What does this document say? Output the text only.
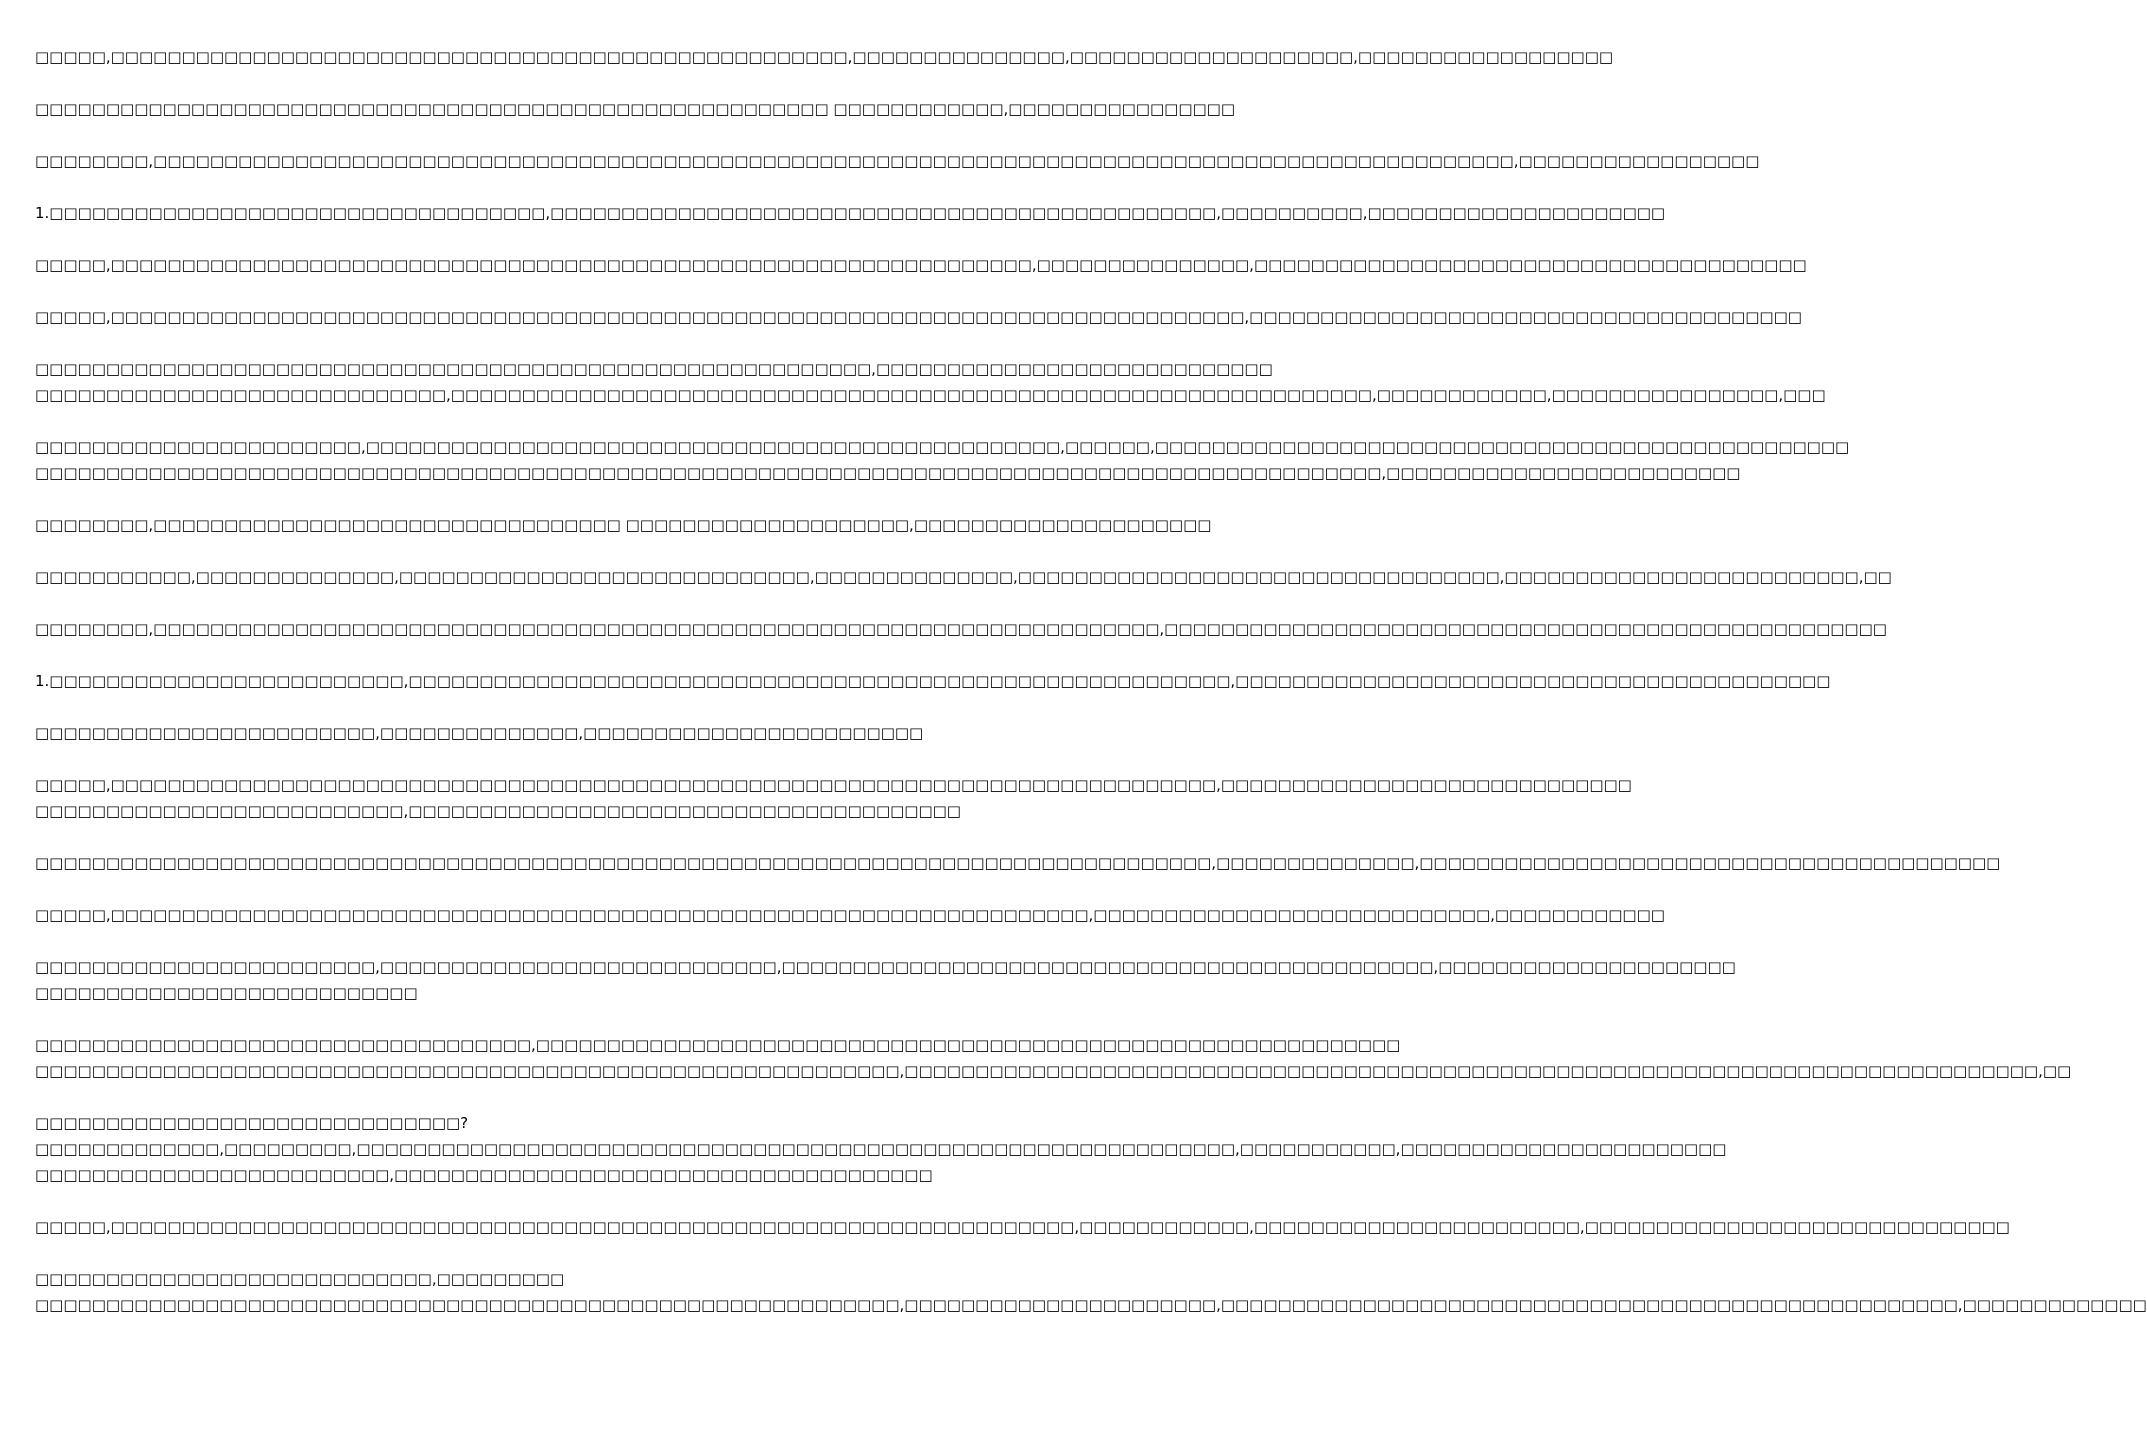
□□□□□,□□□□□□□□□□□□□□□□□□□□□□□□□□□□□□□□□□□□□□□□□□□□□□□□□□□□,□□□□□□□□□□□□□□□,□□□□□□□□□□□□□□□□□□□□,□□□□□□□□□□□□□□□□□□
□□□□□□□□□□□□□□□□□□□□□□□□□□□□□□□□□□□□□□□□□□□□□□□□□□□□□□□□ □□□□□□□□□□□□,□□□□□□□□□□□□□□□□
□□□□□□□□,□□□□□□□□□□□□□□□□□□□□□□□□□□□□□□□□□□□□□□□□□□□□□□□□□□□□□□□□□□□□□□□□□□□□□□□□□□□□□□□□□□□□□□□□□□□□□□□□,□□□□□□□□□□□□□□□□□
1.□□□□□□□□□□□□□□□□□□□□□□□□□□□□□□□□□□□,□□□□□□□□□□□□□□□□□□□□□□□□□□□□□□□□□□□□□□□□□□□□□□□,□□□□□□□□□□,□□□□□□□□□□□□□□□□□□□□□
□□□□□,□□□□□□□□□□□□□□□□□□□□□□□□□□□□□□□□□□□□□□□□□□□□□□□□□□□□□□□□□□□□□□□□□,□□□□□□□□□□□□□□□,□□□□□□□□□□□□□□□□□□□□□□□□□□□□□□□□□□□□□□□
□□□□□,□□□□□□□□□□□□□□□□□□□□□□□□□□□□□□□□□□□□□□□□□□□□□□□□□□□□□□□□□□□□□□□□□□□□□□□□□□□□□□□□,□□□□□□□□□□□□□□□□□□□□□□□□□□□□□□□□□□□□□□□
□□□□□□□□□□□□□□□□□□□□□□□□□□□□□□□□□□□□□□□□□□□□□□□□□□□□□□□□□□□,□□□□□□□□□□□□□□□□□□□□□□□□□□□□
□□□□□□□□□□□□□□□□□□□□□□□□□□□□□,□□□□□□□□□□□□□□□□□□□□□□□□□□□□□□□□□□□□□□□□□□□□□□□□□□□□□□□□□□□□□□□□□,□□□□□□□□□□□□,□□□□□□□□□□□□□□□□,□□□
□□□□□□□□□□□□□□□□□□□□□□□,□□□□□□□□□□□□□□□□□□□□□□□□□□□□□□□□□□□□□□□□□□□□□□□□□,□□□□□□,□□□□□□□□□□□□□□□□□□□□□□□□□□□□□□□□□□□□□□□□□□□□□□□□□
□□□□□□□□□□□□□□□□□□□□□□□□□□□□□□□□□□□□□□□□□□□□□□□□□□□□□□□□□□□□□□□□□□□□□□□□□□□□□□□□□□□□□□□□□□□□□□□,□□□□□□□□□□□□□□□□□□□□□□□□□
□□□□□□□□,□□□□□□□□□□□□□□□□□□□□□□□□□□□□□□□□□ □□□□□□□□□□□□□□□□□□□□,□□□□□□□□□□□□□□□□□□□□□
□□□□□□□□□□□,□□□□□□□□□□□□□□,□□□□□□□□□□□□□□□□□□□□□□□□□□□□□,□□□□□□□□□□□□□□,□□□□□□□□□□□□□□□□□□□□□□□□□□□□□□□□□□,□□□□□□□□□□□□□□□□□□□□□□□□□,□□
□□□□□□□□,□□□□□□□□□□□□□□□□□□□□□□□□□□□□□□□□□□□□□□□□□□□□□□□□□□□□□□□□□□□□□□□□□□□□□□□,□□□□□□□□□□□□□□□□□□□□□□□□□□□□□□□□□□□□□□□□□□□□□□□□□□□
1.□□□□□□□□□□□□□□□□□□□□□□□□□,□□□□□□□□□□□□□□□□□□□□□□□□□□□□□□□□□□□□□□□□□□□□□□□□□□□□□□□□□□,□□□□□□□□□□□□□□□□□□□□□□□□□□□□□□□□□□□□□□□□□□
□□□□□□□□□□□□□□□□□□□□□□□□,□□□□□□□□□□□□□□,□□□□□□□□□□□□□□□□□□□□□□□□
□□□□□,□□□□□□□□□□□□□□□□□□□□□□□□□□□□□□□□□□□□□□□□□□□□□□□□□□□□□□□□□□□□□□□□□□□□□□□□□□□□□□,□□□□□□□□□□□□□□□□□□□□□□□□□□□□□
□□□□□□□□□□□□□□□□□□□□□□□□□□,□□□□□□□□□□□□□□□□□□□□□□□□□□□□□□□□□□□□□□□
□□□□□□□□□□□□□□□□□□□□□□□□□□□□□□□□□□□□□□□□□□□□□□□□□□□□□□□□□□□□□□□□□□□□□□□□□□□□□□□□□□□,□□□□□□□□□□□□□□,□□□□□□□□□□□□□□□□□□□□□□□□□□□□□□□□□□□□□□□□□
□□□□□,□□□□□□□□□□□□□□□□□□□□□□□□□□□□□□□□□□□□□□□□□□□□□□□□□□□□□□□□□□□□□□□□□□□□□,□□□□□□□□□□□□□□□□□□□□□□□□□□□□,□□□□□□□□□□□□
□□□□□□□□□□□□□□□□□□□□□□□□,□□□□□□□□□□□□□□□□□□□□□□□□□□□□,□□□□□□□□□□□□□□□□□□□□□□□□□□□□□□□□□□□□□□□□□□□□□□,□□□□□□□□□□□□□□□□□□□□□
□□□□□□□□□□□□□□□□□□□□□□□□□□□
□□□□□□□□□□□□□□□□□□□□□□□□□□□□□□□□□□□,□□□□□□□□□□□□□□□□□□□□□□□□□□□□□□□□□□□□□□□□□□□□□□□□□□□□□□□□□□□□□
□□□□□□□□□□□□□□□□□□□□□□□□□□□□□□□□□□□□□□□□□□□□□□□□□□□□□□□□□□□□□,□□□□□□□□□□□□□□□□□□□□□□□□□□□□□□□□□□□□□□□□□□□□□□□□□□□□□□□□□□□□□□□□□□□□□□□□□□□□□□□□,□□
□□□□□□□□□□□□□□□□□□□□□□□□□□□□□□?
□□□□□□□□□□□□□,□□□□□□□□□,□□□□□□□□□□□□□□□□□□□□□□□□□□□□□□□□□□□□□□□□□□□□□□□□□□□□□□□□□□□□□□,□□□□□□□□□□□,□□□□□□□□□□□□□□□□□□□□□□□
□□□□□□□□□□□□□□□□□□□□□□□□□,□□□□□□□□□□□□□□□□□□□□□□□□□□□□□□□□□□□□□□
□□□□□,□□□□□□□□□□□□□□□□□□□□□□□□□□□□□□□□□□□□□□□□□□□□□□□□□□□□□□□□□□□□□□□□□□□□,□□□□□□□□□□□□,□□□□□□□□□□□□□□□□□□□□□□□,□□□□□□□□□□□□□□□□□□□□□□□□□□□□□□
□□□□□□□□□□□□□□□□□□□□□□□□□□□□,□□□□□□□□□
□□□□□□□□□□□□□□□□□□□□□□□□□□□□□□□□□□□□□□□□□□□□□□□□□□□□□□□□□□□□□,□□□□□□□□□□□□□□□□□□□□□□,□□□□□□□□□□□□□□□□□□□□□□□□□□□□□□□□□□□□□□□□□□□□□□□□□□□□,□□□□□□□□□□□□□
